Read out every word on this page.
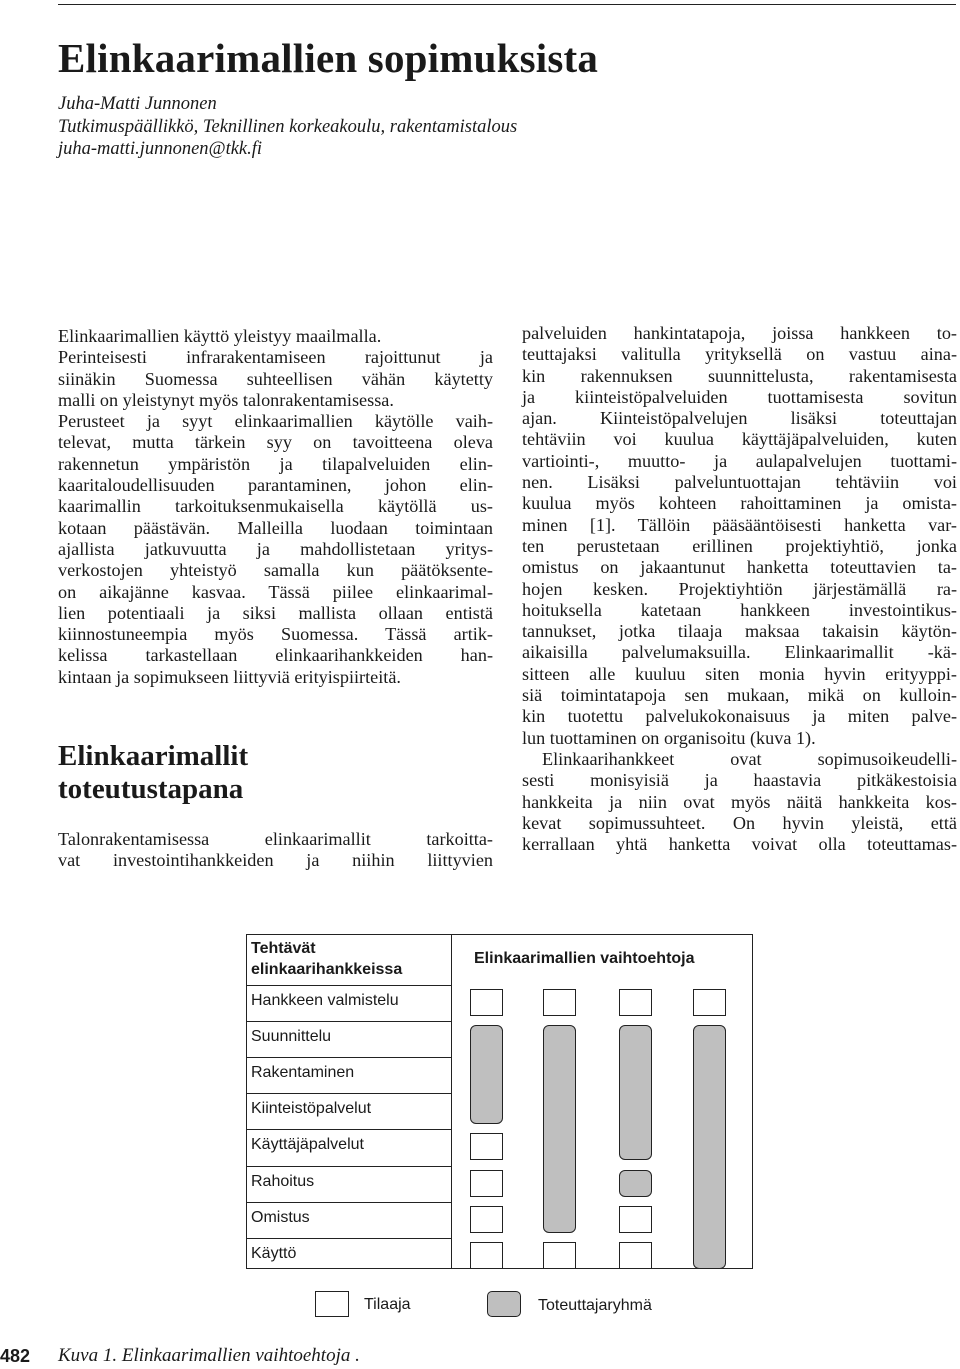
Elinkaarimallien sopimuksista
Juha-Matti Junnonen
Tutkimuspäällikkö, Teknillinen korkeakoulu, rakentamistalous
juha-matti.junnonen@tkk.fi
Elinkaarimallien käyttö yleistyy maailmalla.
Perinteisesti infrarakentamiseen rajoittunut ja
siinäkin Suomessa suhteellisen vähän käytetty
malli on yleistynyt myös talonrakentamisessa.
Perusteet ja syyt elinkaarimallien käytölle vaih-
televat, mutta tärkein syy on tavoitteena oleva
rakennetun ympäristön ja tilapalveluiden elin-
kaaritaloudellisuuden parantaminen, johon elin-
kaarimallin tarkoituksenmukaisella käytöllä us-
kotaan päästävän. Malleilla luodaan toimintaan
ajallista jatkuvuutta ja mahdollistetaan yritys-
verkostojen yhteistyö samalla kun päätöksente-
on aikajänne kasvaa. Tässä piilee elinkaarimal-
lien potentiaali ja siksi mallista ollaan entistä
kiinnostuneempia myös Suomessa. Tässä artik-
kelissa tarkastellaan elinkaarihankkeiden han-
kintaan ja sopimukseen liittyviä erityispiirteitä.
Elinkaarimallit
toteutustapana
Talonrakentamisessa elinkaarimallit tarkoitta-
vat investointihankkeiden ja niihin liittyvien
palveluiden hankintatapoja, joissa hankkeen to-
teuttajaksi valitulla yrityksellä on vastuu aina-
kin rakennuksen suunnittelusta, rakentamisesta
ja kiinteistöpalveluiden tuottamisesta sovitun
ajan. Kiinteistöpalvelujen lisäksi toteuttajan
tehtäviin voi kuulua käyttäjäpalveluiden, kuten
vartiointi-, muutto- ja aulapalvelujen tuottami-
nen. Lisäksi palveluntuottajan tehtäviin voi
kuulua myös kohteen rahoittaminen ja omista-
minen [1]. Tällöin pääsääntöisesti hanketta var-
ten perustetaan erillinen projektiyhtiö, jonka
omistus on jakaantunut hanketta toteuttavien ta-
hojen kesken. Projektiyhtiön järjestämällä ra-
hoituksella katetaan hankkeen investointikus-
tannukset, jotka tilaaja maksaa takaisin käytön-
aikaisilla palvelumaksuilla. Elinkaarimallit -kä-
sitteen alle kuuluu siten monia hyvin erityyppi-
siä toimintatapoja sen mukaan, mikä on kulloin-
kin tuotettu palvelukokonaisuus ja miten palve-
lun tuottaminen on organisoitu (kuva 1).
Elinkaarihankkeet ovat sopimusoikeudelli-
sesti monisyisiä ja haastavia pitkäkestoisia
hankkeita ja niin ovat myös näitä hankkeita kos-
kevat sopimussuhteet. On hyvin yleistä, että
kerrallaan yhtä hanketta voivat olla toteuttamas-
Tehtävät elinkaarihankkeissa
Hankkeen valmistelu
Suunnittelu
Rakentaminen
Kiinteistöpalvelut
Käyttäjäpalvelut
Rahoitus
Omistus
Käyttö
Elinkaarimallien vaihtoehtoja
Tilaaja	Toteuttajaryhmä
482 Kuva 1. Elinkaarimallien vaihtoehtoja .
